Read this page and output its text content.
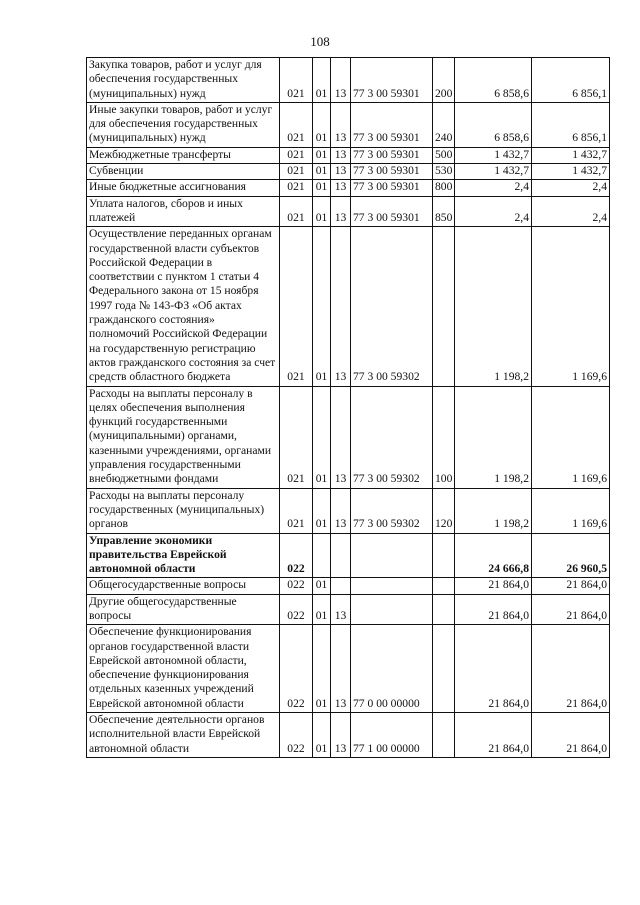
108
Закупка товаров, работ и услуг для обеспечения государственных (муниципальных) нужд	021	01	13	77 3 00 59301	200	6 858,6	6 856,1
Иные закупки товаров, работ и услуг для обеспечения государственных (муниципальных) нужд	021	01	13	77 3 00 59301	240	6 858,6	6 856,1
Межбюджетные трансферты	021	01	13	77 3 00 59301	500	1 432,7	1 432,7
Субвенции	021	01	13	77 3 00 59301	530	1 432,7	1 432,7
Иные бюджетные ассигнования	021	01	13	77 3 00 59301	800	2,4	2,4
Уплата налогов, сборов и иных платежей	021	01	13	77 3 00 59301	850	2,4	2,4
Осуществление переданных органам государственной власти субъектов Российской Федерации в соответствии с пунктом 1 статьи 4 Федерального закона от 15 ноября 1997 года № 143-ФЗ «Об актах гражданского состояния» полномочий Российской Федерации на государственную регистрацию актов гражданского состояния за счет средств областного бюджета	021	01	13	77 3 00 59302		1 198,2	1 169,6
Расходы на выплаты персоналу в целях обеспечения выполнения функций государственными (муниципальными) органами, казенными учреждениями, органами управления государственными внебюджетными фондами	021	01	13	77 3 00 59302	100	1 198,2	1 169,6
Расходы на выплаты персоналу государственных (муниципальных) органов	021	01	13	77 3 00 59302	120	1 198,2	1 169,6
Управление экономики правительства Еврейской автономной области	022					24 666,8	26 960,5
Общегосударственные вопросы	022	01				21 864,0	21 864,0
Другие общегосударственные вопросы	022	01	13			21 864,0	21 864,0
Обеспечение функционирования органов государственной власти Еврейской автономной области, обеспечение функционирования отдельных казенных учреждений Еврейской автономной области	022	01	13	77 0 00 00000		21 864,0	21 864,0
Обеспечение деятельности органов исполнительной власти Еврейской автономной области	022	01	13	77 1 00 00000		21 864,0	21 864,0
